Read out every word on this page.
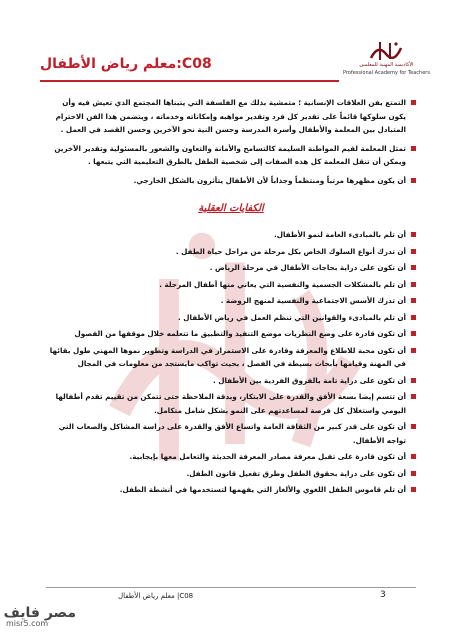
C08:معلم رياض الأطفال	الأكاديمية المهنية للمعلمين
Professional Academy for Teachers
التمتع بفن العلاقات الإنسانية ؛ متمشية بذلك مع الفلسفة التي يتبناها المجتمع الذي تعيش فيه وأن يكون سلوكها قائماً على تقدير كل فرد وتقدير مواهبه وإمكاناته وخدماته ، ويتضمن هذا الفن الاحترام المتبادل بين المعلمة والأطفال وأسرة المدرسة وحسن النية نحو الآخرين وحسن القصد في العمل .
تمثل المعلمة لقيم المواطنة السليمة كالتسامح والأمانة والتعاون والشعور بالمسئولية وتقدير الآخرين ويمكن أن تنقل المعلمة كل هذه الصفات إلى شخصية الطفل بالطرق التعليمية التي يتبعها .
أن يكون مظهرها مرتباً ومنتظماً وجذاباً لأن الأطفال يتأثرون بالشكل الخارجي.
الكفايات العقلية
أن تلم بالمبادىء العامة لنمو الأطفال.
أن تدرك أنواع السلوك الخاص بكل مرحلة من مراحل حياة الطفل .
أن تكون على دراية بحاجات الأطفال في مرحلة الرياض .
أن تلم بالمشكلات الجسمية والنفسية التي يعاني منها أطفال المرحلة .
أن تدرك الأسس الاجتماعية والنفسية لمنهج الروضة .
أن تلم بالمبادىء والقوانين التي تنظم العمل في رياض الأطفال .
أن تكون قادرة على وضع النظريات موضع التنفيذ والتطبيق ما تتعلمه خلال موقفها من الفصول
أن تكون محبة للاطلاع والمعرفة وقادرة على الاستمرار في الدراسة وتطوير نموها المهني طول بقائها في المهنة وقيامها بأبحاث بسيطة في الفصل ، بحيث تواكب مايستجد من معلومات في المجال
أن تكون على دراية تامة بالفروق الفردية بين الأطفال .
أن تتسم إيضا بسعة الأفق والقدرة على الابتكار، وبدقة الملاحظة حتى تتمكن من تقييم تقدم أطفالها اليومي واستغلال كل فرصة لمساعدتهم على النمو بشكل شامل متكامل.
أن تكون على قدر كبير من الثقافة العامة واتساع الأفق والقدرة على دراسة المشاكل والصعاب التي تواجه الأطفال.
أن تكون قادرة على تقبل معرفة مصادر المعرفة الحديثة والتعامل معها بإيجابية.
أن تكون على دراية بحقوق الطفل وطرق تفعيل قانون الطفل.
أن تلم قاموس الطفل اللغوي والألغاز التي يفهمها لتستخدمها في أنشطة الطفل.
C08| معلم رياض الأطفال	3
مصر فايف
misr5.com
